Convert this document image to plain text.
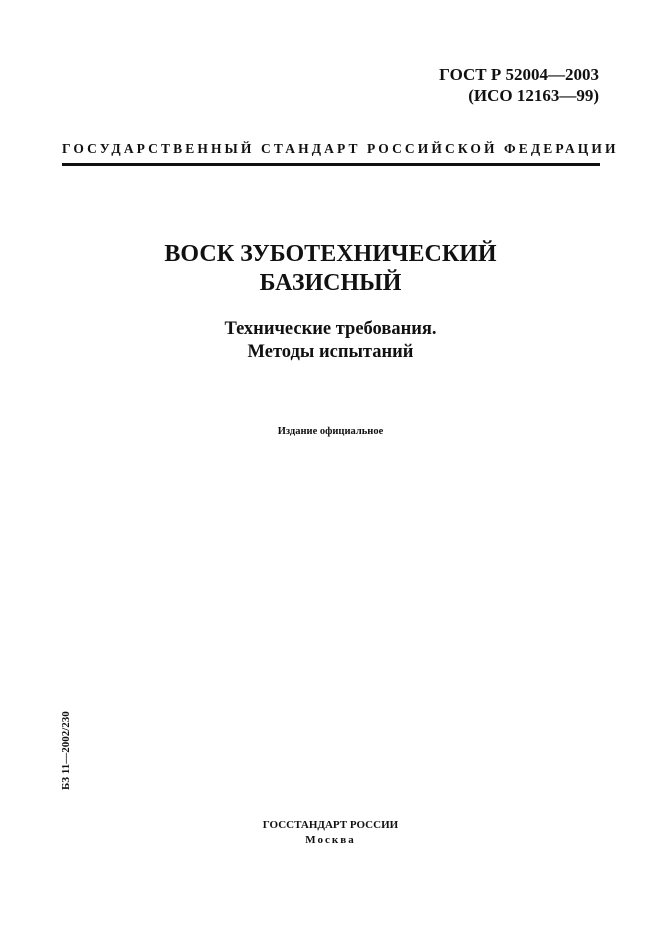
ГОСТ Р 52004—2003
(ИСО 12163—99)
ГОСУДАРСТВЕННЫЙ СТАНДАРТ РОССИЙСКОЙ ФЕДЕРАЦИИ
ВОСК ЗУБОТЕХНИЧЕСКИЙ
БАЗИСНЫЙ
Технические требования.
Методы испытаний
Издание официальное
БЗ 11—2002/230
ГОССТАНДАРТ РОССИИ
Москва
